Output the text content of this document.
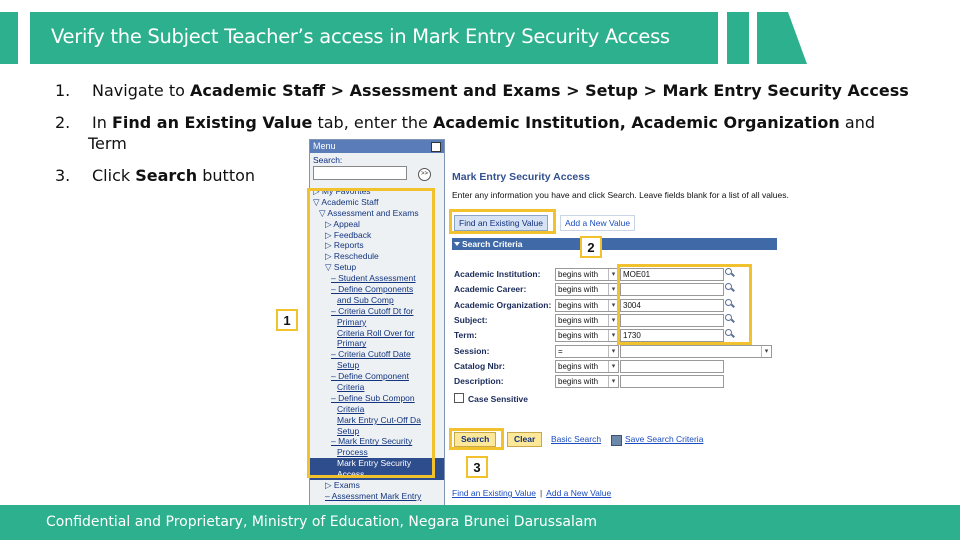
Verify the Subject Teacher’s access in Mark Entry Security Access
1. Navigate to Academic Staff > Assessment and Exams > Setup > Mark Entry Security Access
2. In Find an Existing Value tab, enter the Academic Institution, Academic Organization and
Term
3. Click Search button
Menu
Search:
>>
▷ My Favorites
▽ Academic Staff
▽ Assessment and Exams
▷ Appeal
▷ Feedback
▷ Reports
▷ Reschedule
▽ Setup
– Student Assessment
– Define Components
and Sub Comp
– Criteria Cutoff Dt for
Primary
Criteria Roll Over for
Primary
– Criteria Cutoff Date
Setup
– Define Component
Criteria
– Define Sub Compon
Criteria
Mark Entry Cut-Off Da
Setup
– Mark Entry Security
Process
Mark Entry Security
Access
▷ Exams
– Assessment Mark Entry
Mark Entry Security Access
Enter any information you have and click Search. Leave fields blank for a list of all values.
Find an Existing Value	Add a New Value
Search Criteria
Academic Institution:	begins with	▾ MOE01
Academic Career:	begins with	▾
Academic Organization: begins with	▾ 3004
Subject:	begins with	▾
Term:	begins with	▾ 1730
Session:	=	▾	▾
Catalog Nbr:	begins with	▾
Description:	begins with	▾
Case Sensitive
Search	Clear	Basic Search	Save Search Criteria
Find an Existing Value | Add a New Value
1
2
3
Confidential and Proprietary, Ministry of Education, Negara Brunei Darussalam
